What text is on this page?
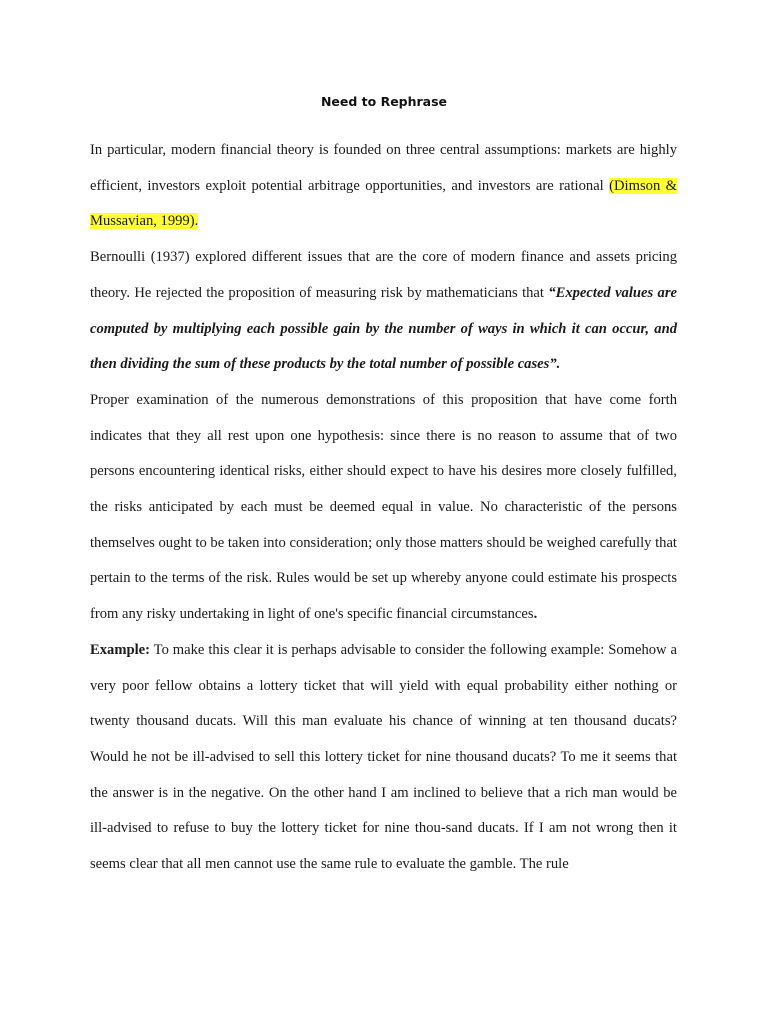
Need to Rephrase

In particular, modern financial theory is founded on three central assumptions: markets are highly efficient, investors exploit potential arbitrage opportunities, and investors are rational (Dimson & Mussavian, 1999).

Bernoulli (1937) explored different issues that are the core of modern finance and assets pricing theory. He rejected the proposition of measuring risk by mathematicians that “Expected values are computed by multiplying each possible gain by the number of ways in which it can occur, and then dividing the sum of these products by the total number of possible cases”.

Proper examination of the numerous demonstrations of this proposition that have come forth indicates that they all rest upon one hypothesis: since there is no reason to assume that of two persons encountering identical risks, either should expect to have his desires more closely fulfilled, the risks anticipated by each must be deemed equal in value. No characteristic of the persons themselves ought to be taken into consideration; only those matters should be weighed carefully that pertain to the terms of the risk. Rules would be set up whereby anyone could estimate his prospects from any risky undertaking in light of one's specific financial circumstances.

Example: To make this clear it is perhaps advisable to consider the following example: Somehow a very poor fellow obtains a lottery ticket that will yield with equal probability either nothing or twenty thousand ducats. Will this man evaluate his chance of winning at ten thousand ducats? Would he not be ill-advised to sell this lottery ticket for nine thousand ducats? To me it seems that the answer is in the negative. On the other hand I am inclined to believe that a rich man would be ill-advised to refuse to buy the lottery ticket for nine thou-sand ducats. If I am not wrong then it seems clear that all men cannot use the same rule to evaluate the gamble. The rule
